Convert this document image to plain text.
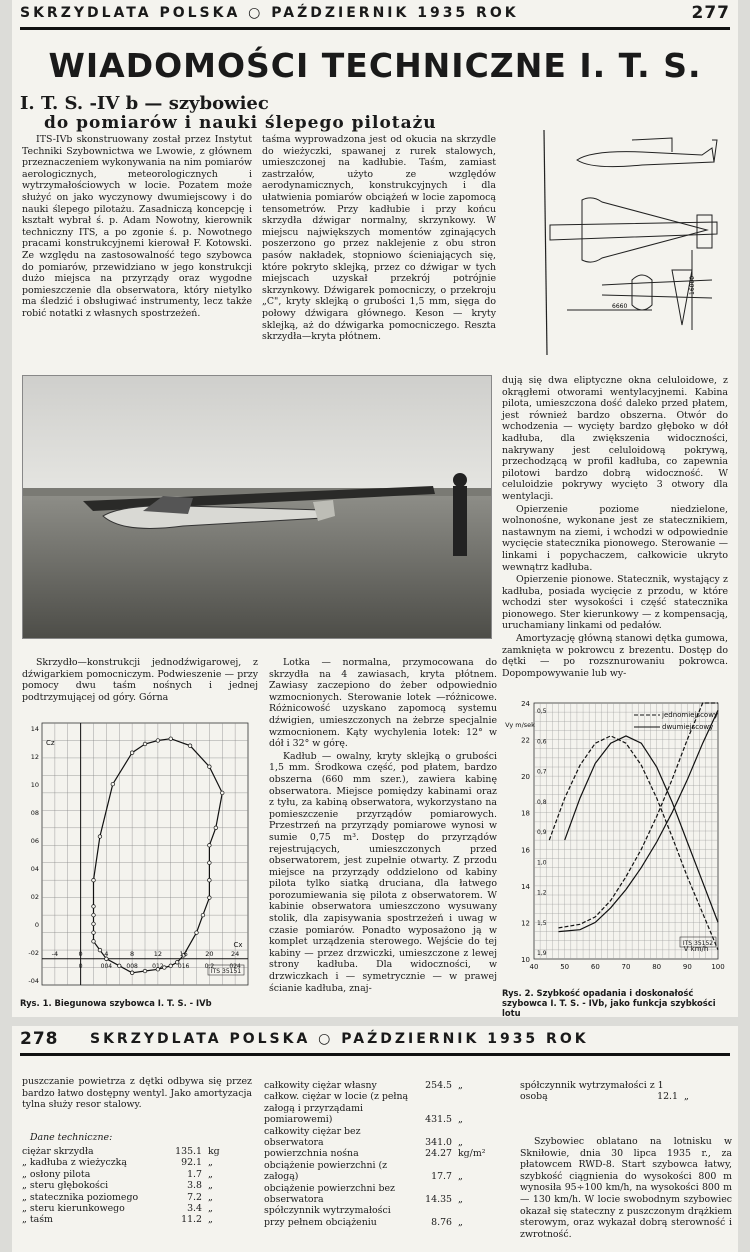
SKRZYDLATA POLSKA ○ PAŹDZIERNIK 1935 ROK	277
WIADOMOŚCI TECHNICZNE I. T. S.
I. T. S. -IV b — szybowiec
do pomiarów i nauki ślepego pilotażu

ITS-IVb skonstruowany został przez Instytut Techniki Szybownictwa we Lwowie, z głównem przeznaczeniem wykonywania na nim pomiarów aerologicznych, meteorologicznych i wytrzymałościowych w locie. Pozatem może służyć on jako wyczynowy dwumiejscowy i do nauki ślepego pilotażu. Zasadniczą koncepcję i kształt wybrał ś. p. Adam Nowotny, kierownik techniczny ITS, a po zgonie ś. p. Nowotnego pracami konstrukcyjnemi kierował F. Kotowski. Ze względu na zastosowalność tego szybowca do pomiarów, przewidziano w jego konstrukcji dużo miejsca na przyrządy oraz wygodne pomieszczenie dla obserwatora, który nietylko ma śledzić i obsługiwać instrumenty, lecz także robić notatki z własnych spostrzeżeń.

taśma wyprowadzona jest od okucia na skrzydle do wieżyczki, spawanej z rurek stalowych, umieszczonej na kadłubie. Taśm, zamiast zastrzałów, użyto ze względów aerodynamicznych, konstrukcyjnych i dla ułatwienia pomiarów obciążeń w locie zapomocą tensometrów. Przy kadłubie i przy końcu skrzydła dźwigar normalny, skrzynkowy. W miejscu największych momentów zginających poszerzono go przez naklejenie z obu stron pasów nakładek, stopniowo ścieniających się, które pokryto sklejką, przez co dźwigar w tych miejscach uzyskał przekrój potrójnie skrzynkowy. Dźwigarek pomocniczy, o przekroju „C", kryty sklejką o grubości 1,5 mm, sięga do połowy dźwigara głównego. Keson — kryty sklejką, aż do dźwigarka pomocniczego. Reszta skrzydła—kryta płótnem.

6660
16000

dują się dwa eliptyczne okna celuloidowe, z okrągłemi otworami wentylacyjnemi. Kabina pilota, umieszczona dość daleko przed płatem, jest również bardzo obszerna. Otwór do wchodzenia — wycięty bardzo głęboko w dół kadłuba, dla zwiększenia widoczności, nakrywany jest celuloidową pokrywą, przechodzącą w profil kadłuba, co zapewnia pilotowi bardzo dobrą widoczność. W celuloidzie pokrywy wycięto 3 otwory dla wentylacji.

Opierzenie poziome niedzielone, wolnonośne, wykonane jest ze statecznikiem, nastawnym na ziemi, i wchodzi w odpowiednie wycięcie statecznika pionowego. Sterowanie — linkami i popychaczem, całkowicie ukryto wewnątrz kadłuba.

Opierzenie pionowe. Statecznik, wystający z kadłuba, posiada wycięcie z przodu, w które wchodzi ster wysokości i część statecznika pionowego. Ster kierunkowy — z kompensacją, uruchamiany linkami od pedałów.

Amortyzację główną stanowi dętka gumowa, zamknięta w pokrowcu z brezentu. Dostęp do dętki — po rozsznurowaniu pokrowca. Dopompowywanie lub wy-

Skrzydło—konstrukcji jednodźwigarowej, z dźwigarkiem pomocniczym. Podwieszenie — przy pomocy dwu taśm nośnych i jednej podtrzymującej od góry. Górna

Lotka — normalna, przymocowana do skrzydła na 4 zawiasach, kryta płótnem. Zawiasy zaczepiono do żeber odpowiednio wzmocnionych. Sterowanie lotek —różnicowe. Różnicowość uzyskano zapomocą systemu dźwigien, umieszczonych na żebrze specjalnie wzmocnionem. Kąty wychylenia lotek: 12° w dół i 32° w górę.

Kadłub — owalny, kryty sklejką o grubości 1,5 mm. Środkowa część, pod płatem, bardzo obszerna (660 mm szer.), zawiera kabinę obserwatora. Miejsce pomiędzy kabinami oraz z tyłu, za kabiną obserwatora, wykorzystano na pomieszczenie przyrządów pomiarowych. Przestrzeń na przyrządy pomiarowe wynosi w sumie 0,75 m³. Dostęp do przyrządów rejestrujących, umieszczonych przed obserwatorem, jest zupełnie otwarty. Z przodu miejsce na przyrządy oddzielono od kabiny pilota tylko siatką druciana, dla łatwego porozumiewania się pilota z obserwatorem. W kabinie obserwatora umieszczono wysuwany stolik, dla zapisywania spostrzeżeń i uwag w czasie pomiarów. Ponadto wyposażono ją w komplet urządzenia sterowego. Wejście do tej kabiny — przez drzwiczki, umieszczone z lewej strony kadłuba. Dla widoczności, w drzwiczkach i — symetrycznie — w prawej ścianie kadłuba, znaj-

14
12
10
08
06
04
02
0
-02
-04
-4	0	4	8	12	16	20	24
0	004 008 012 016	0,2	024
Cz
Cx
ITS 35151
Rys. 1. Biegunowa szybowca I. T. S. - IVb
24
22
20
18
16
14
12
10
0,5
0,6
0,7
0,8
0,9
1,0
1,2
1,5
1,9
40	50	60	70	80	90	100
V km/h
Vy m/sek
jednomiejscowy
dwumiejscowy
ITS 35152
Rys. 2. Szybkość opadania i doskonałość szybowca I. T. S. - IVb, jako funkcja szybkości lotu
278 SKRZYDLATA POLSKA ○ PAŹDZIERNIK 1935 ROK

puszczanie powietrza z dętki odbywa się przez bardzo łatwo dostępny wentyl. Jako amortyzacja tylna służy resor stalowy.

Dane techniczne:
ciężar skrzydła	135.1 kg
„ kadłuba z wieżyczką	92.1 „
„ osłony pilota	1.7 „
„ steru głębokości	3.8 „
„ statecznika poziomego	7.2 „
„ steru kierunkowego	3.4 „
„ taśm	11.2 „
całkowity ciężar własny	254.5 „
całkow. ciężar w locie (z pełną załogą i przyrządami pomiarowemi)	431.5 „
całkowity ciężar bez obserwatora	341.0 „
powierzchnia nośna	24.27 kg/m²
obciążenie powierzchni (z załogą)	17.7 „
obciążenie powierzchni bez obserwatora	14.35 „
spółczynnik wytrzymałości przy pełnem obciążeniu	8.76 „
spółczynnik wytrzymałości z 1 osobą	12.1 „

Szybowiec oblatano na lotnisku w Skniłowie, dnia 30 lipca 1935 r., za płatowcem RWD-8. Start szybowca łatwy, szybkość ciągnienia do wysokości 800 m wynosiła 95÷100 km/h, na wysokości 800 m — 130 km/h. W locie swobodnym szybowiec okazał się stateczny z puszczonym drążkiem sterowym, oraz wykazał dobrą sterowność i zwrotność.
